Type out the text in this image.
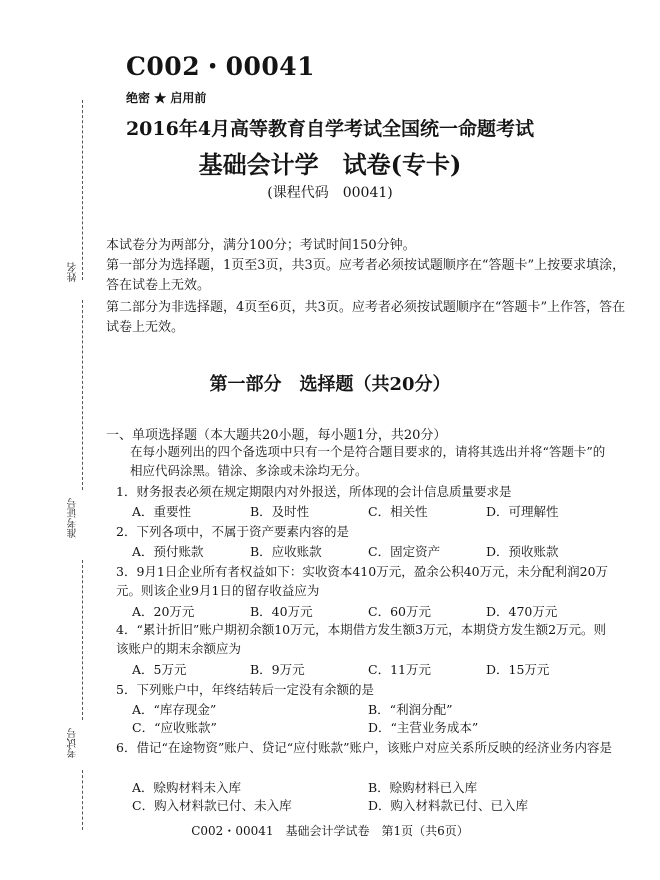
姓名
准考证号
考试号
C002・00041
绝密 ★ 启用前
2016年4月高等教育自学考试全国统一命题考试
基础会计学　试卷(专卡)
(课程代码　00041)
本试卷分为两部分，满分100分；考试时间150分钟。
第一部分为选择题，1页至3页，共3页。应考者必须按试题顺序在“答题卡”上按要求填涂，答在试卷上无效。
第二部分为非选择题，4页至6页，共3页。应考者必须按试题顺序在“答题卡”上作答，答在试卷上无效。
第一部分　选择题（共20分）
一、单项选择题（本大题共20小题，每小题1分，共20分）
在每小题列出的四个备选项中只有一个是符合题目要求的，请将其选出并将“答题卡”的相应代码涂黑。错涂、多涂或未涂均无分。
1．财务报表必须在规定期限内对外报送，所体现的会计信息质量要求是
A．重要性	B．及时性	C．相关性	D．可理解性
2．下列各项中，不属于资产要素内容的是
A．预付账款	B．应收账款	C．固定资产	D．预收账款
3．9月1日企业所有者权益如下：实收资本410万元，盈余公积40万元，未分配利润20万元。则该企业9月1日的留存收益应为
A．20万元	B．40万元	C．60万元	D．470万元
4．“累计折旧”账户期初余额10万元，本期借方发生额3万元，本期贷方发生额2万元。则该账户的期末余额应为
A．5万元	B．9万元	C．11万元	D．15万元
5．下列账户中，年终结转后一定没有余额的是
A．“库存现金”	B．“利润分配”
C．“应收账款”	D．“主营业务成本”
6．借记“在途物资”账户、贷记“应付账款”账户，该账户对应关系所反映的经济业务内容是
A．赊购材料未入库	B．赊购材料已入库
C．购入材料款已付、未入库	D．购入材料款已付、已入库
C002・00041　基础会计学试卷　第1页（共6页）
